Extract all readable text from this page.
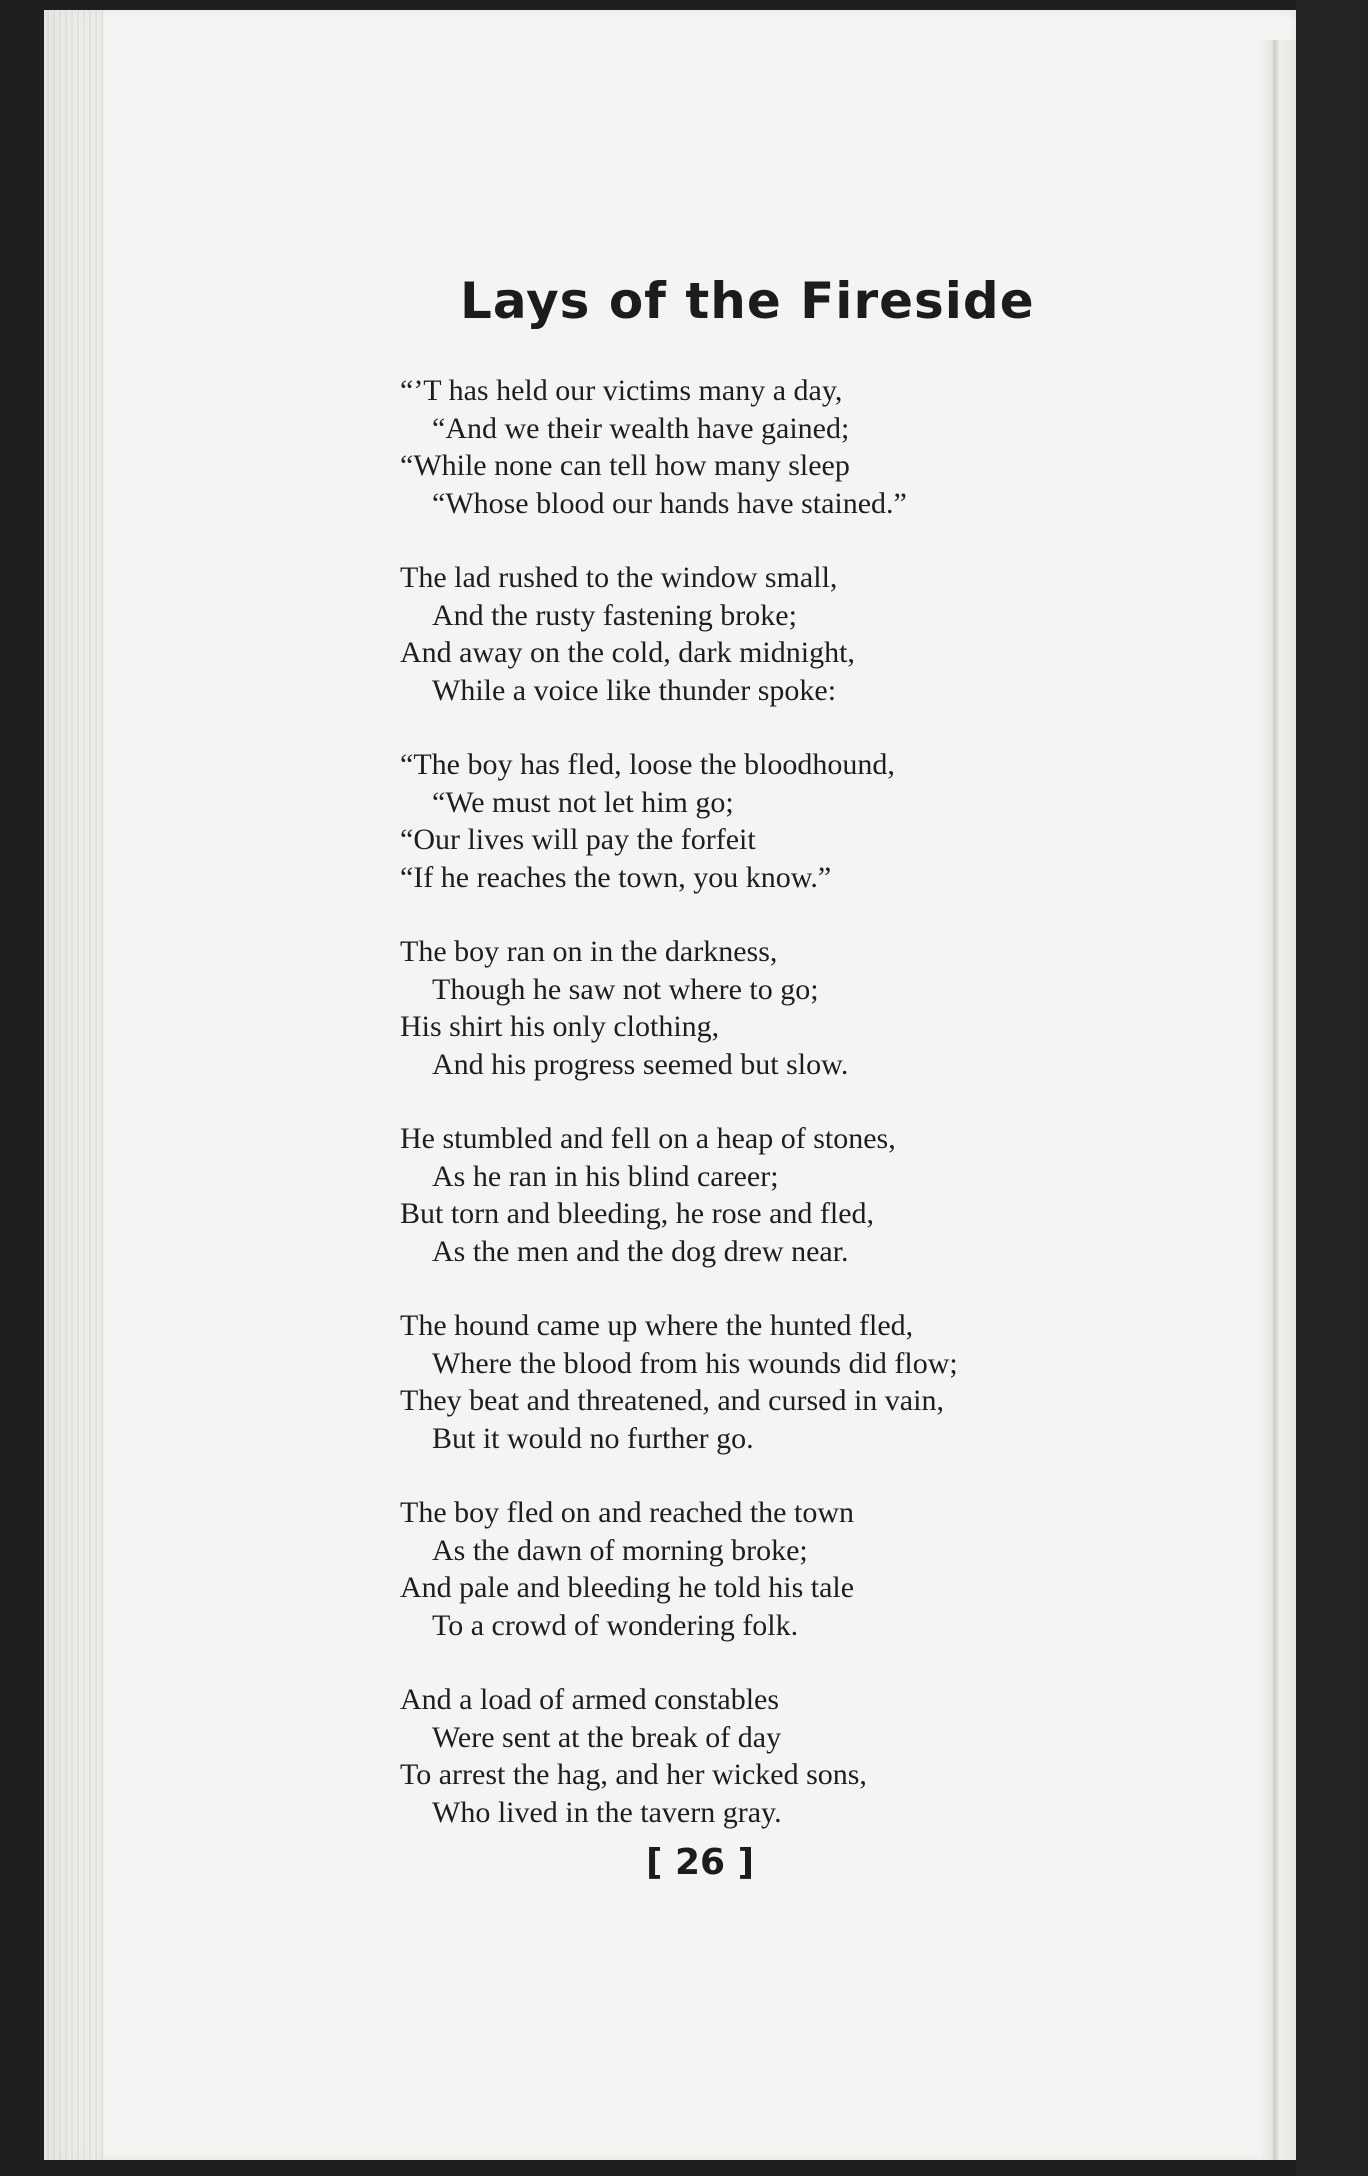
Lays of the Fireside
“’T has held our victims many a day,
“And we their wealth have gained;
“While none can tell how many sleep
“Whose blood our hands have stained.”
The lad rushed to the window small,
And the rusty fastening broke;
And away on the cold, dark midnight,
While a voice like thunder spoke:
“The boy has fled, loose the bloodhound,
“We must not let him go;
“Our lives will pay the forfeit
“If he reaches the town, you know.”
The boy ran on in the darkness,
Though he saw not where to go;
His shirt his only clothing,
And his progress seemed but slow.
He stumbled and fell on a heap of stones,
As he ran in his blind career;
But torn and bleeding, he rose and fled,
As the men and the dog drew near.
The hound came up where the hunted fled,
Where the blood from his wounds did flow;
They beat and threatened, and cursed in vain,
But it would no further go.
The boy fled on and reached the town
As the dawn of morning broke;
And pale and bleeding he told his tale
To a crowd of wondering folk.
And a load of armed constables
Were sent at the break of day
To arrest the hag, and her wicked sons,
Who lived in the tavern gray.
[ 26 ]
